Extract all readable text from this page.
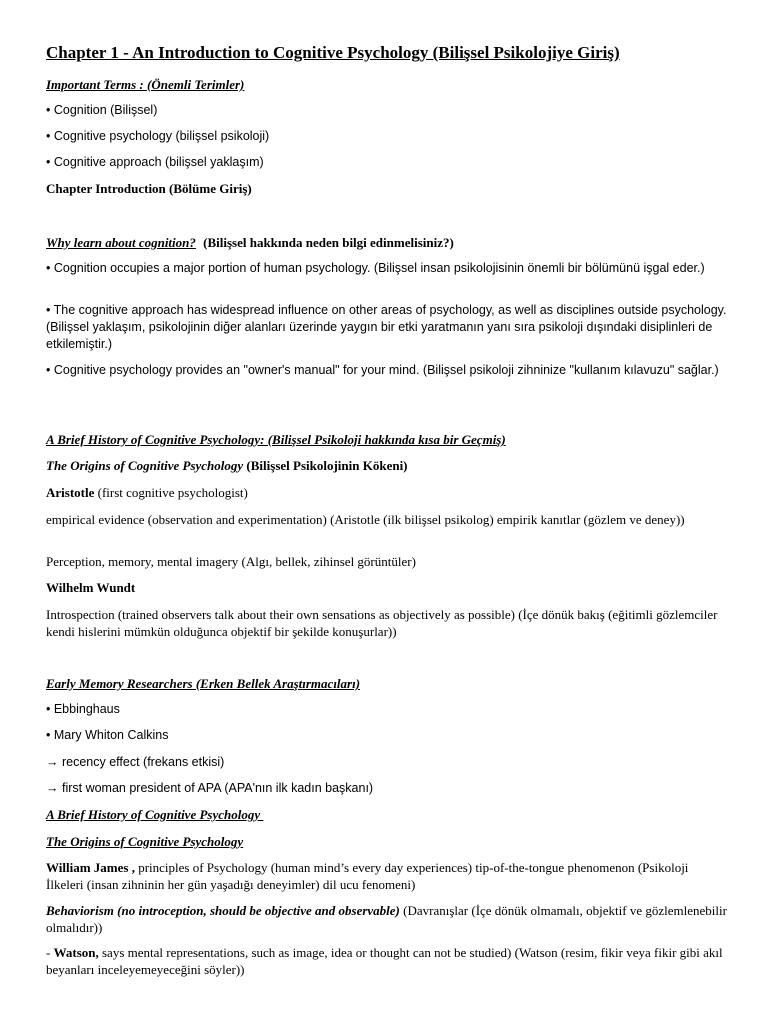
Chapter 1 - An Introduction to Cognitive Psychology (Bilişsel Psikolojiye Giriş)
Important Terms : (Önemli Terimler)
• Cognition (Bilişsel)
• Cognitive psychology (bilişsel psikoloji)
• Cognitive approach (bilişsel yaklaşım)
Chapter Introduction (Bölüme Giriş)
Why learn about cognition? (Bilişsel hakkında neden bilgi edinmelisiniz?)
• Cognition occupies a major portion of human psychology. (Bilişsel insan psikolojisinin önemli bir bölümünü işgal eder.)
• The cognitive approach has widespread influence on other areas of psychology, as well as disciplines outside psychology. (Bilişsel yaklaşım, psikolojinin diğer alanları üzerinde yaygın bir etki yaratmanın yanı sıra psikoloji dışındaki disiplinleri de etkilemiştir.)
• Cognitive psychology provides an "owner's manual" for your mind. (Bilişsel psikoloji zihninize "kullanım kılavuzu" sağlar.)
A Brief History of Cognitive Psychology: (Bilişsel Psikoloji hakkında kısa bir Geçmiş)
The Origins of Cognitive Psychology (Bilişsel Psikolojinin Kökeni)
Aristotle (first cognitive psychologist)
empirical evidence (observation and experimentation) (Aristotle (ilk bilişsel psikolog) empirik kanıtlar (gözlem ve deney))
Perception, memory, mental imagery (Algı, bellek, zihinsel görüntüler)
Wilhelm Wundt
Introspection (trained observers talk about their own sensations as objectively as possible) (İçe dönük bakış (eğitimli gözlemciler kendi hislerini mümkün olduğunca objektif bir şekilde konuşurlar))
Early Memory Researchers (Erken Bellek Araştırmacıları)
• Ebbinghaus
• Mary Whiton Calkins
→ recency effect (frekans etkisi)
→ first woman president of APA (APA'nın ilk kadın başkanı)
A Brief History of Cognitive Psychology
The Origins of Cognitive Psychology
William James , principles of Psychology (human mind’s every day experiences) tip-of-the-tongue phenomenon (Psikoloji İlkeleri (insan zihninin her gün yaşadığı deneyimler) dil ucu fenomeni)
Behaviorism (no introception, should be objective and observable) (Davranışlar (İçe dönük olmamalı, objektif ve gözlemlenebilir olmalıdır))
- Watson, says mental representations, such as image, idea or thought can not be studied) (Watson (resim, fikir veya fikir gibi akıl beyanları inceleyemeyeceğini söyler))
